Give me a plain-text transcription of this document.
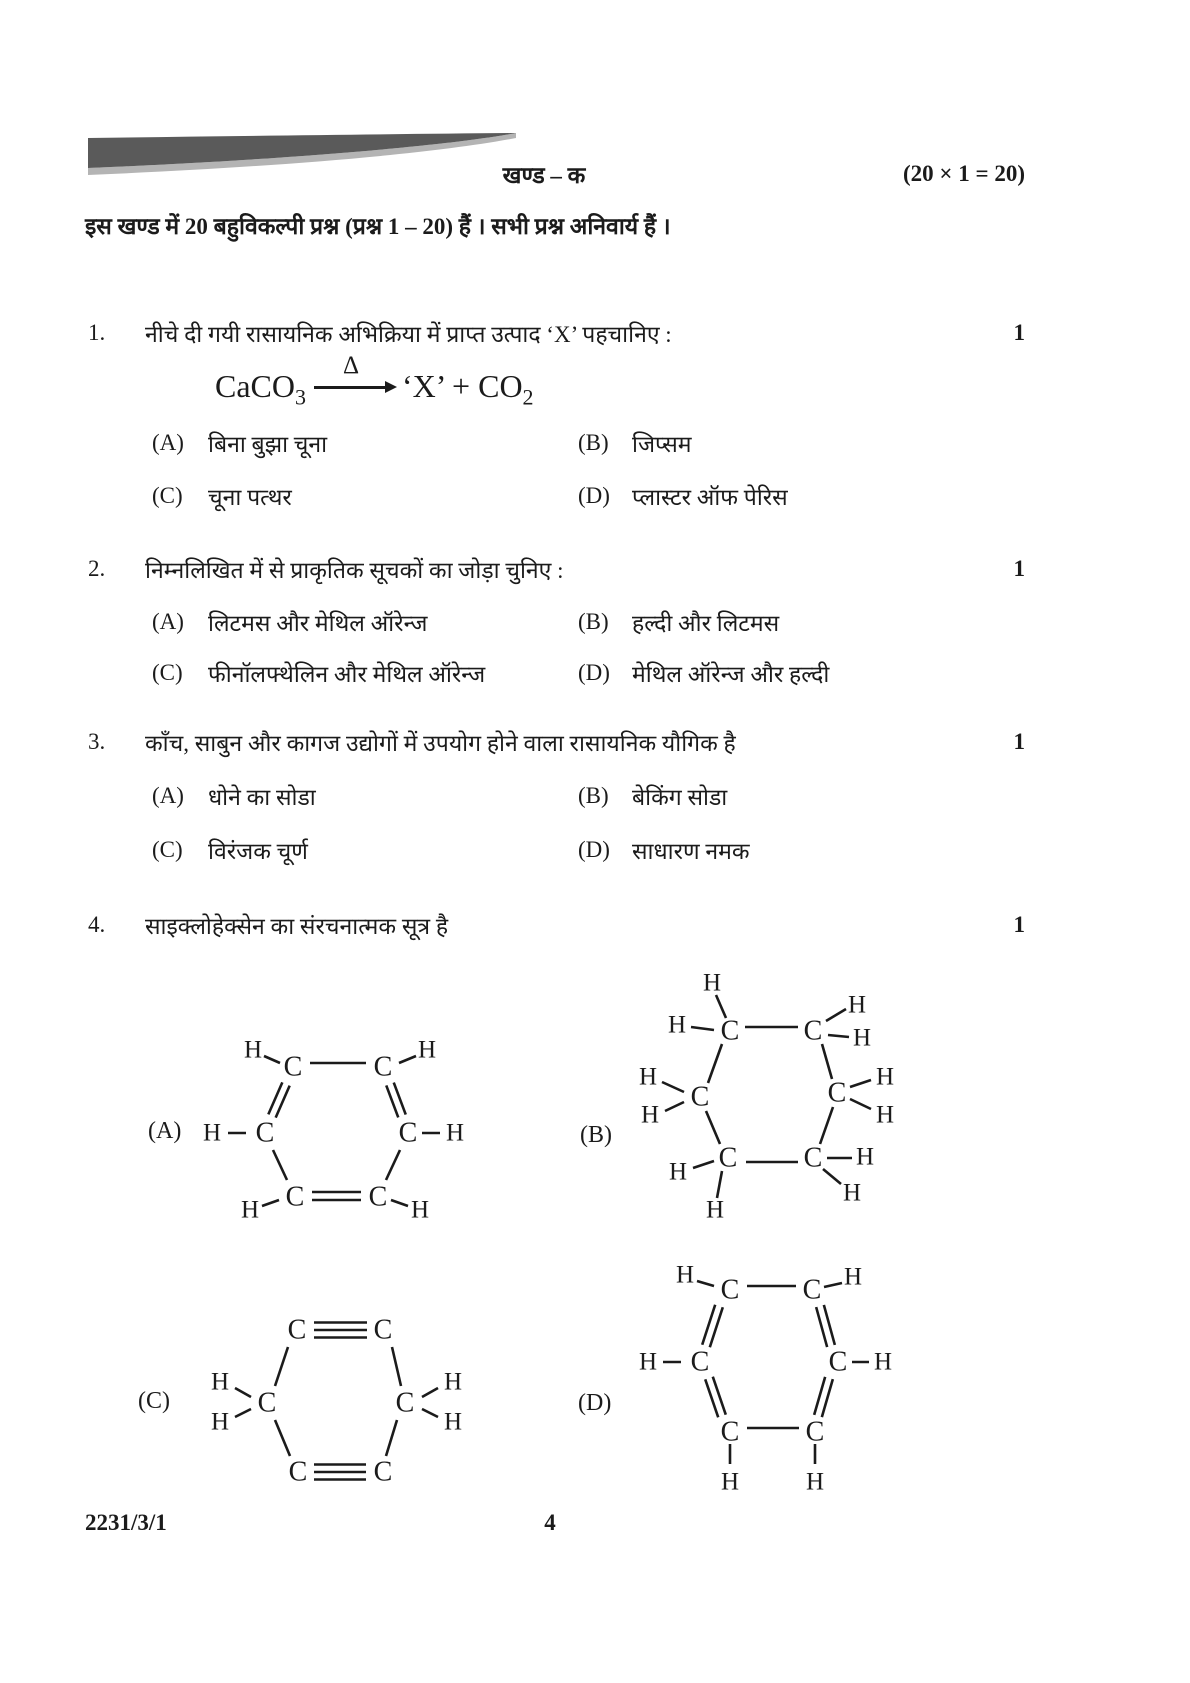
खण्ड – क	(20 × 1 = 20)
इस खण्ड में 20 बहुविकल्पी प्रश्न (प्रश्न 1 – 20) हैं । सभी प्रश्न अनिवार्य हैं ।
1. नीचे दी गयी रासायनिक अभिक्रिया में प्राप्त उत्पाद ‘X’ पहचानिए :	1
CaCO$_3$
Δ
‘X’ + $CO_2$
(A) बिना बुझा चूना	(B) जिप्सम
(C) चूना पत्थर	(D) प्लास्टर ऑफ पेरिस
2. निम्नलिखित में से प्राकृतिक सूचकों का जोड़ा चुनिए :	1
(A) लिटमस और मेथिल ऑरेन्ज	(B) हल्दी और लिटमस
(C) फीनॉलफ्थेलिन और मेथिल ऑरेन्ज	(D) मेथिल ऑरेन्ज और हल्दी
3. काँच, साबुन और कागज उद्योगों में उपयोग होने वाला रासायनिक यौगिक है	1
(A) धोने का सोडा	(B) बेकिंग सोडा
(C) विरंजक चूर्ण	(D) साधारण नमक
4. साइक्लोहेक्सेन का संरचनात्मक सूत्र है	1
(A)
C	C
C	C
C C
H	H
H	H
H	H
(B)
C C
C	C
C C
H
H
H
H
H
H
H
H
H
H
H
H
(C)
C C
C	C
C C
H
H
H
H
(D)
C C
C	C
C C
H	H
H	H
H	H
2231/3/1	4
